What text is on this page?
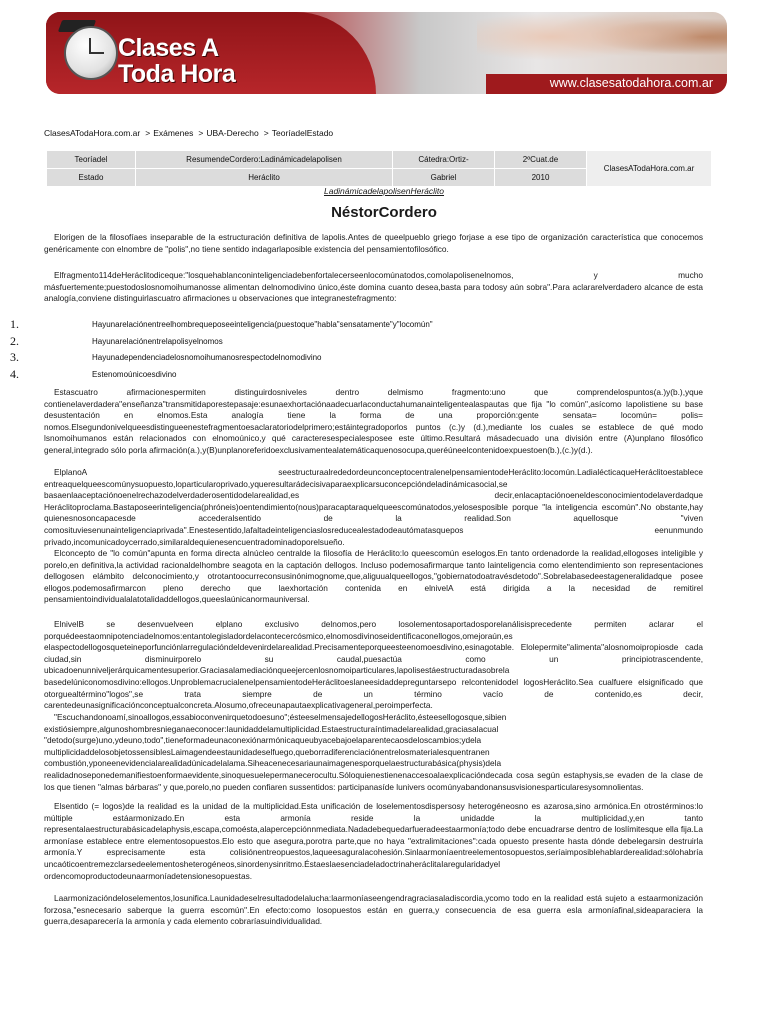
Clases A
Toda Hora	www.clasesatodahora.com.ar
ClasesATodaHora.com.ar > Exámenes > UBA-Derecho > TeoríadelEstado
Teoríadel	ResumendeCordero:Ladinámicadelapolisen	Cátedra:Ortiz-	2ºCuat.de	ClasesATodaHora.com.ar
Estado	Heráclito	Gabriel	2010	
LadinámicadelapolisenHeráclito
NéstorCordero

Elorigen de la filosofíaes inseparable de la estructuración definitiva de lapolis.Antes de queelpueblo griego forjase a ese tipo de organización característica que conocemos genéricamente con elnombre de "polis",no tiene sentido indagarlaposible existencia del pensamientofilosófico.

Elfragmento114deHeráclitodiceque:"losquehablanconinteligenciadebenfortalecerseenlocomúnatodos,comolapolisenelnomos, y mucho másfuertemente;puestodoslosnomoihumanosse alimentan delnomodivino único,éste domina cuanto desea,basta para todosy aún sobra".Para aclararelverdadero alcance de esta analogía,conviene distinguirlascuatro afirmaciones u observaciones que integranestefragmento:

1.	Hayunarelaciónentreelhombrequeposeeinteligencia(puestoque"habla"sensatamente"y"locomún"
2.	Hayunarelaciónentrelapolisyelnomos
3.	Hayunadependenciadelosnomoihumanosrespectodelnomodivino
4.	Estenomoúnicoesdivino

Estascuatro afirmacionespermiten distinguirdosniveles dentro delmismo fragmento:uno que comprendelospuntos(a.)y(b.),yque contienelaverdadera"enseñanza"transmitidaporestepasaje:esunaexhortaciónaadecuarlaconductahumanainteligentealaspautas que fija "lo común",asícomo lapolistiene su base desustentación en elnomos.Esta analogía tiene la forma de una proporción:gente sensata= locomún= polis= nomos.Elsegundonivelqueesdistingueenestefragmentoesaclaratoriodelprimero;estáintegradoporlos puntos (c.)y (d.),mediante los cuales se establece de qué modo lsnomoihumanos están relacionados con elnomoúnico,y qué caracteresespecialesposee este último.Resultará másadecuado una división entre (A)unplano filosófico general,integrado sólo porla afirmación(a.),y(B)unplanoreferidoexclusivamentealatemáticaquenosocupa,queréúneelcontenidoexpuestoen(b.),(c.)y(d.).

ElplanoA seestructuraalrededordeunconceptocentralenelpensamientodeHeráclito:locomún.LadialécticaqueHeráclitoestablece entreaquelqueescomúnysuopuesto,loparticularoprivado,yqueresultarádecisivaparaexplicarsuconcepcióndeladinámicasocial,se basaenlaaceptaciónoenelrechazodelverdaderosentidodelarealidad,es decir,enlacaptaciónoeneldesconocimientodelaverdadque Heráclitoproclama.Bastaposeerinteligencia(phróneis)oentendimiento(nous)paracaptaraquelqueescomúnatodos,yelosesposible porque "la inteligencia escomún".No obstante,hay quienesnosoncapacesde accederalsentido de la realidad.Son aquellosque "viven comosituviesenunainteligenciaprivada".Enestesentido,lafaltadeinteligenciaslosreducealestadodeautómatasquepos eenunmundo privado,incomunicadoycerrado,similaraldequienesencuentradominadoporelsueño.

Elconcepto de "lo común"apunta en forma directa alnúcleo centralde la filosofía de Heráclito:lo queescomún eselogos.En tanto ordenadorde la realidad,ellogoses inteligible y porelo,en definitiva,la actividad racionaldelhombre seagota en la captación dellogos. Incluso podemosafirmarque tanto lainteligencia como elentendimiento son representaciones dellogosen elámbito delconocimiento,y otrotantoocurreconsusinónimognomе,que,aliguualqueellogos,"gobiernatodoatravésdetodo".Sobrelabasedeestageneralidadque posee ellogos.podemosafirmarcon pleno derecho que laexhortación contenida en elnivelA está dirigida a la necesidad de remitirel pensamientoindividualalatotalidaddellogos,queeslaúnicanormauniversal.

ElnivelB se desenvuelveen elplano exclusivo delnomos,pero losolementosaportadosporelanálisisprecedente permiten aclarar el porquédeestaomnipotenciadelnomos:entantolegisladordelacontecercósmico,elnomosdivinoseidentificaconellogos,omejoraún,es elaspectodellogosqueteineporfunciónlarregulacióndeldevenirdelarealidad.Precisamenteporqueesteenomoesdivino,esinagotable. Elolepermite"alimenta"alosnomoipropiosde cada ciudad,sin disminuirporelo su caudal,puesactúa como un principiotrascendente, ubicadoenunniveljerárquicamentesuperior.Graciasalamediaciónqueejercenlosnomoiparticulares,lapolisestáestructuradasobrela basedelúniconomosdivino:ellogos.UnproblemacrucialenelpensamientodeHeráclitoeslaneesidaddepreguntarsepo relcontenidodel logosHeráclito.Sea cualfuere elsignificado que otorguealtérmino"logos",se trata siempre de un término vacío de contenido,es decir, carentedeunasignificaciónconceptualconcreta.Alosumo,ofreceunapautaexplicativageneral,peroimperfecta.

"Escuchandonoamí,sinoallogos,essabioconvenirquetodoesuno";ésteeselmensajedellogosHeráclito,ésteesellogosque,sibien existiósiempre,algunoshombresnieganaeconocer:launidaddelamultiplicidad.Estaestructuraíntimadelarealidad,graciasalacual "detodo(surge)uno,ydeuno,todo",tieneformadeunaconexiónarmónicaqueubyacebajoelaparentecaosdeloscambios;ydela multiplicidaddelosobjetossensiblesLaimagendeestaunidadeselfuego,queborradiferenciaciónentrelosmaterialesquentranen combustión,yponeenevidencialarealidadúnicadelalama.Siheacenecesariaunaimagenesporquelaestructurabásica(physis)dela realidadnoseponedemanifiestoenformaevidente,sinoquesuelepermanecerocultu.Sóloquienestienenaccesoalaexplicacióndecada cosa según estaphysis,se evaden de la clase de los que tienen "almas bárbaras" y que,porelo,no pueden confiaren sussentidos: participanasíde lunivers ocomúnyabandonansusvisionesparticularesysomnolientas.

Elsentido (= logos)de la realidad es la unidad de la multiplicidad.Esta unificación de loselementosdispersosy heterogéneosno es azarosa,sino armónica.En otrostérminos:lo múltiple estáarmonizado.En esta armonía reside la unidadde la multiplicidad,y,en tanto representalaestructurabásicadelaphysis,escapa,comoésta,alapercepciónnmediata.Nadadebequedarfueradeestaarmonía;todo debe encuadrarse dentro de loslímitesque ella fija.La armoníase establece entre elementosopuestos.Elo esto que asegura,porotra parte,que no haya "extralimitaciones":cada opuesto presente hasta dónde debelegarsin destruirla armonía.Y esprecisamente esta colisiónentreopuestos,laqueesaguralacohesión.Sinlaarmoníaentreelementosopuestos,seríaimposiblehablarderealidad:sólohabría uncaóticoentremezclarsedeelementosheterogéneos,sinordenysinritmo.ÉstaeslaesenciadeladoctrinaheráclitaIaregularidadyel ordencomoproductodeunaarmoníadetensionesopuestas.

Laarmonizacióndeloselementos,losunifica.Launidadeselresultadodelalucha:laarmoníaseengendragraciasaladiscordia,ycomo todo en la realidad está sujeto a estaarmonización forzosa,"esnecesario saberque la guerra escomún".En efecto:como losopuestos están en guerra,y consecuencia de esa guerra esla armoníafinal,sideaparaciera la guerra,desaparecería la armonía y cada elemento cobraríasuindividualidad.
